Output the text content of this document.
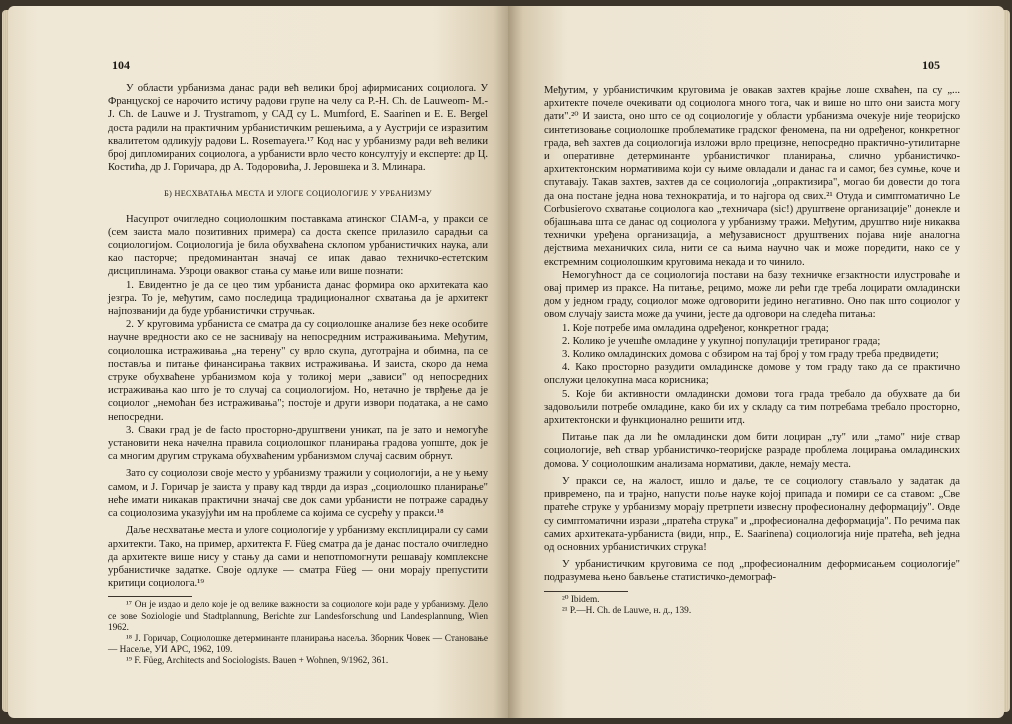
104

У области урбанизма данас ради већ велики број афирмисаних социолога. У Француској се нарочито истичу радови групе на челу са P.-H. Ch. de Lauweom- M.-J. Ch. de Lauwe и J. Trystramom, у САД су L. Mumford, E. Saarinen и E. E. Bergel доста радили на практичним урбанистичким решењима, а у Аустрији се изразитим квалитетом одликују радови L. Rosemayera.¹⁷ Код нас у урбанизму ради већ велики број дипломираних социолога, а урбанисти врло често консултују и експерте: др Ц. Костића, др Ј. Горичара, др А. Тодоровића, Ј. Јеровшека и З. Млинара.

Б) НЕСХВАТАЊА МЕСТА И УЛОГЕ СОЦИОЛОГИЈЕ У УРБАНИЗМУ

Насупрот очигледно социолошким поставкама атинског CIAM-а, у пракси се (сем заиста мало позитивних примера) са доста скепсе прилазило сарадњи са социологијом. Социологија је била обухваћена склопом урбанистичких наука, али као пасторче; предоминантан значај се ипак давао техничко-естетским дисциплинама. Узроци оваквог стања су мање или више познати:

1. Евидентно је да се цео тим урбаниста данас формира око архитеката као језгра. То је, међутим, само последица традиционалног схватања да је архитект најпозванији да буде урбанистички стручњак.

2. У круговима урбаниста се сматра да су социолошке анализе без неке особите научне вредности ако се не заснивају на непосредним истраживањима. Међутим, социолошка истраживања „на терену" су врло скупа, дуготрајна и обимна, па се поставља и питање финансирања таквих истраживања. И заиста, скоро да нема струке обухваћене урбанизмом која у толикој мери „зависи" од непосредних истраживања као што је то случај са социологијом. Но, нетачно је тврђење да је социолог „немоћан без истраживања"; постоје и други извори података, а не само непосредни.

3. Сваки град је de facto просторно-друштвени уникат, па је зато и немогуће установити нека начелна правила социолошког планирања градова уопште, док је са многим другим струкама обухваћеним урбанизмом случај сасвим обрнут.

Зато су социолози своје место у урбанизму тражили у социологији, а не у њему самом, и Ј. Горичар је заиста у праву кад тврди да израз „социолошко планирање" неће имати никакав практични значај све док сами урбанисти не потраже сарадњу са социолозима указујући им на проблеме са којима се сусрећу у пракси.¹⁸

Даље несхватање места и улоге социологије у урбанизму експлицирали су сами архитекти. Тако, на пример, архитекта F. Füeg сматра да је данас постало очигледно да архитекте више нису у стању да сами и непотпомогнути решавају комплексне урбанистичке задатке. Своје одлуке — сматра Füeg — они морају препустити критици социолога.¹⁹

¹⁷ Он је издао и дело које је од велике важности за социологе који раде у урбанизму. Дело се зове Soziologie und Stadtplannung, Berichte zur Landesforschung und Landesplannung, Wien 1962.

¹⁸ J. Горичар, Социолошке детерминанте планирања насеља. Зборник Човек — Становање — Насеље, УИ АРС, 1962, 109.

¹⁹ F. Füeg, Architects and Sociologists. Bauen + Wohnen, 9/1962, 361.

105

Међутим, у урбанистичким круговима је овакав захтев крајње лоше схваћен, па су „... архитекте почеле очекивати од социолога много тога, чак и више но што они заиста могу дати".²⁰ И заиста, оно што се од социологије у области урбанизма очекује није теоријско синтетизовање социолошке проблематике градског феномена, па ни одређеног, конкретног града, већ захтев да социологија изложи врло прецизне, непосредно практично-утилитарне и оперативне детерминанте урбанистичког планирања, слично урбанистичко-архитектонским нормативима који су њиме овладали и данас га и самог, без сумње, коче и спутавају. Такав захтев, захтев да се социологија „опрактизира", могао би довести до тога да она постане једна нова технократија, и то најгора од свих.²¹ Отуда и симптоматично Le Corbusierovo схватање социолога као „техничара (sic!) друштвене организације" донекле и објашњава шта се данас од социолога у урбанизму тражи. Међутим, друштво није никаква технички уређена организација, а међузависност друштвених појава није аналогна дејствима механичких сила, нити се са њима научно чак и може поредити, нако се у екстремним социолошким круговима некада и то чинило.

Немогућност да се социологија постави на базу техничке егзактности илустроваће и овај пример из праксе. На питање, рецимо, може ли рећи где треба лоцирати омладински дом у једном граду, социолог може одговорити једино негативно. Оно пак што социолог у овом случају заиста може да учини, јесте да одговори на следећа питања:

1. Које потребе има омладина одређеног, конкретног града;

2. Колико је учешће омладине у укупној популацији третираног града;

3. Колико омладинских домова с обзиром на тај број у том граду треба предвидети;

4. Како просторно разудити омладинске домове у том граду тако да се практично опслужи целокупна маса корисника;

5. Које би активности омладински домови тога града требало да обухвате да би задовољили потребе омладине, како би их у складу са тим потребама требало просторно, архитектонски и функционално решити итд.

Питање пак да ли ће омладински дом бити лоциран „ту" или „тамо" није ствар социологије, већ ствар урбанистичко-теоријске разраде проблема лоцирања омладинских домова. У социолошким анализама нормативи, дакле, немају места.

У пракси се, на жалост, ишло и даље, те се социологу стављало у задатак да привремено, па и трајно, напусти поље науке којој припада и помири се са ставом: „Све пратеће струке у урбанизму морају претрпети извесну професионалну деформацију". Овде су симптоматични изрази „пратећа струка" и „професионална деформација". По речима пак самих архитеката-урбаниста (види, нпр., E. Saarinena) социологија није пратећа, већ једна од основних урбанистичких струка!

У урбанистичким круговима се под „професионалним деформисањем социологије" подразумева њено бављење статистичко-демограф-

²⁰ Ibidem.

²¹ P.—H. Ch. de Lauwe, н. д., 139.
